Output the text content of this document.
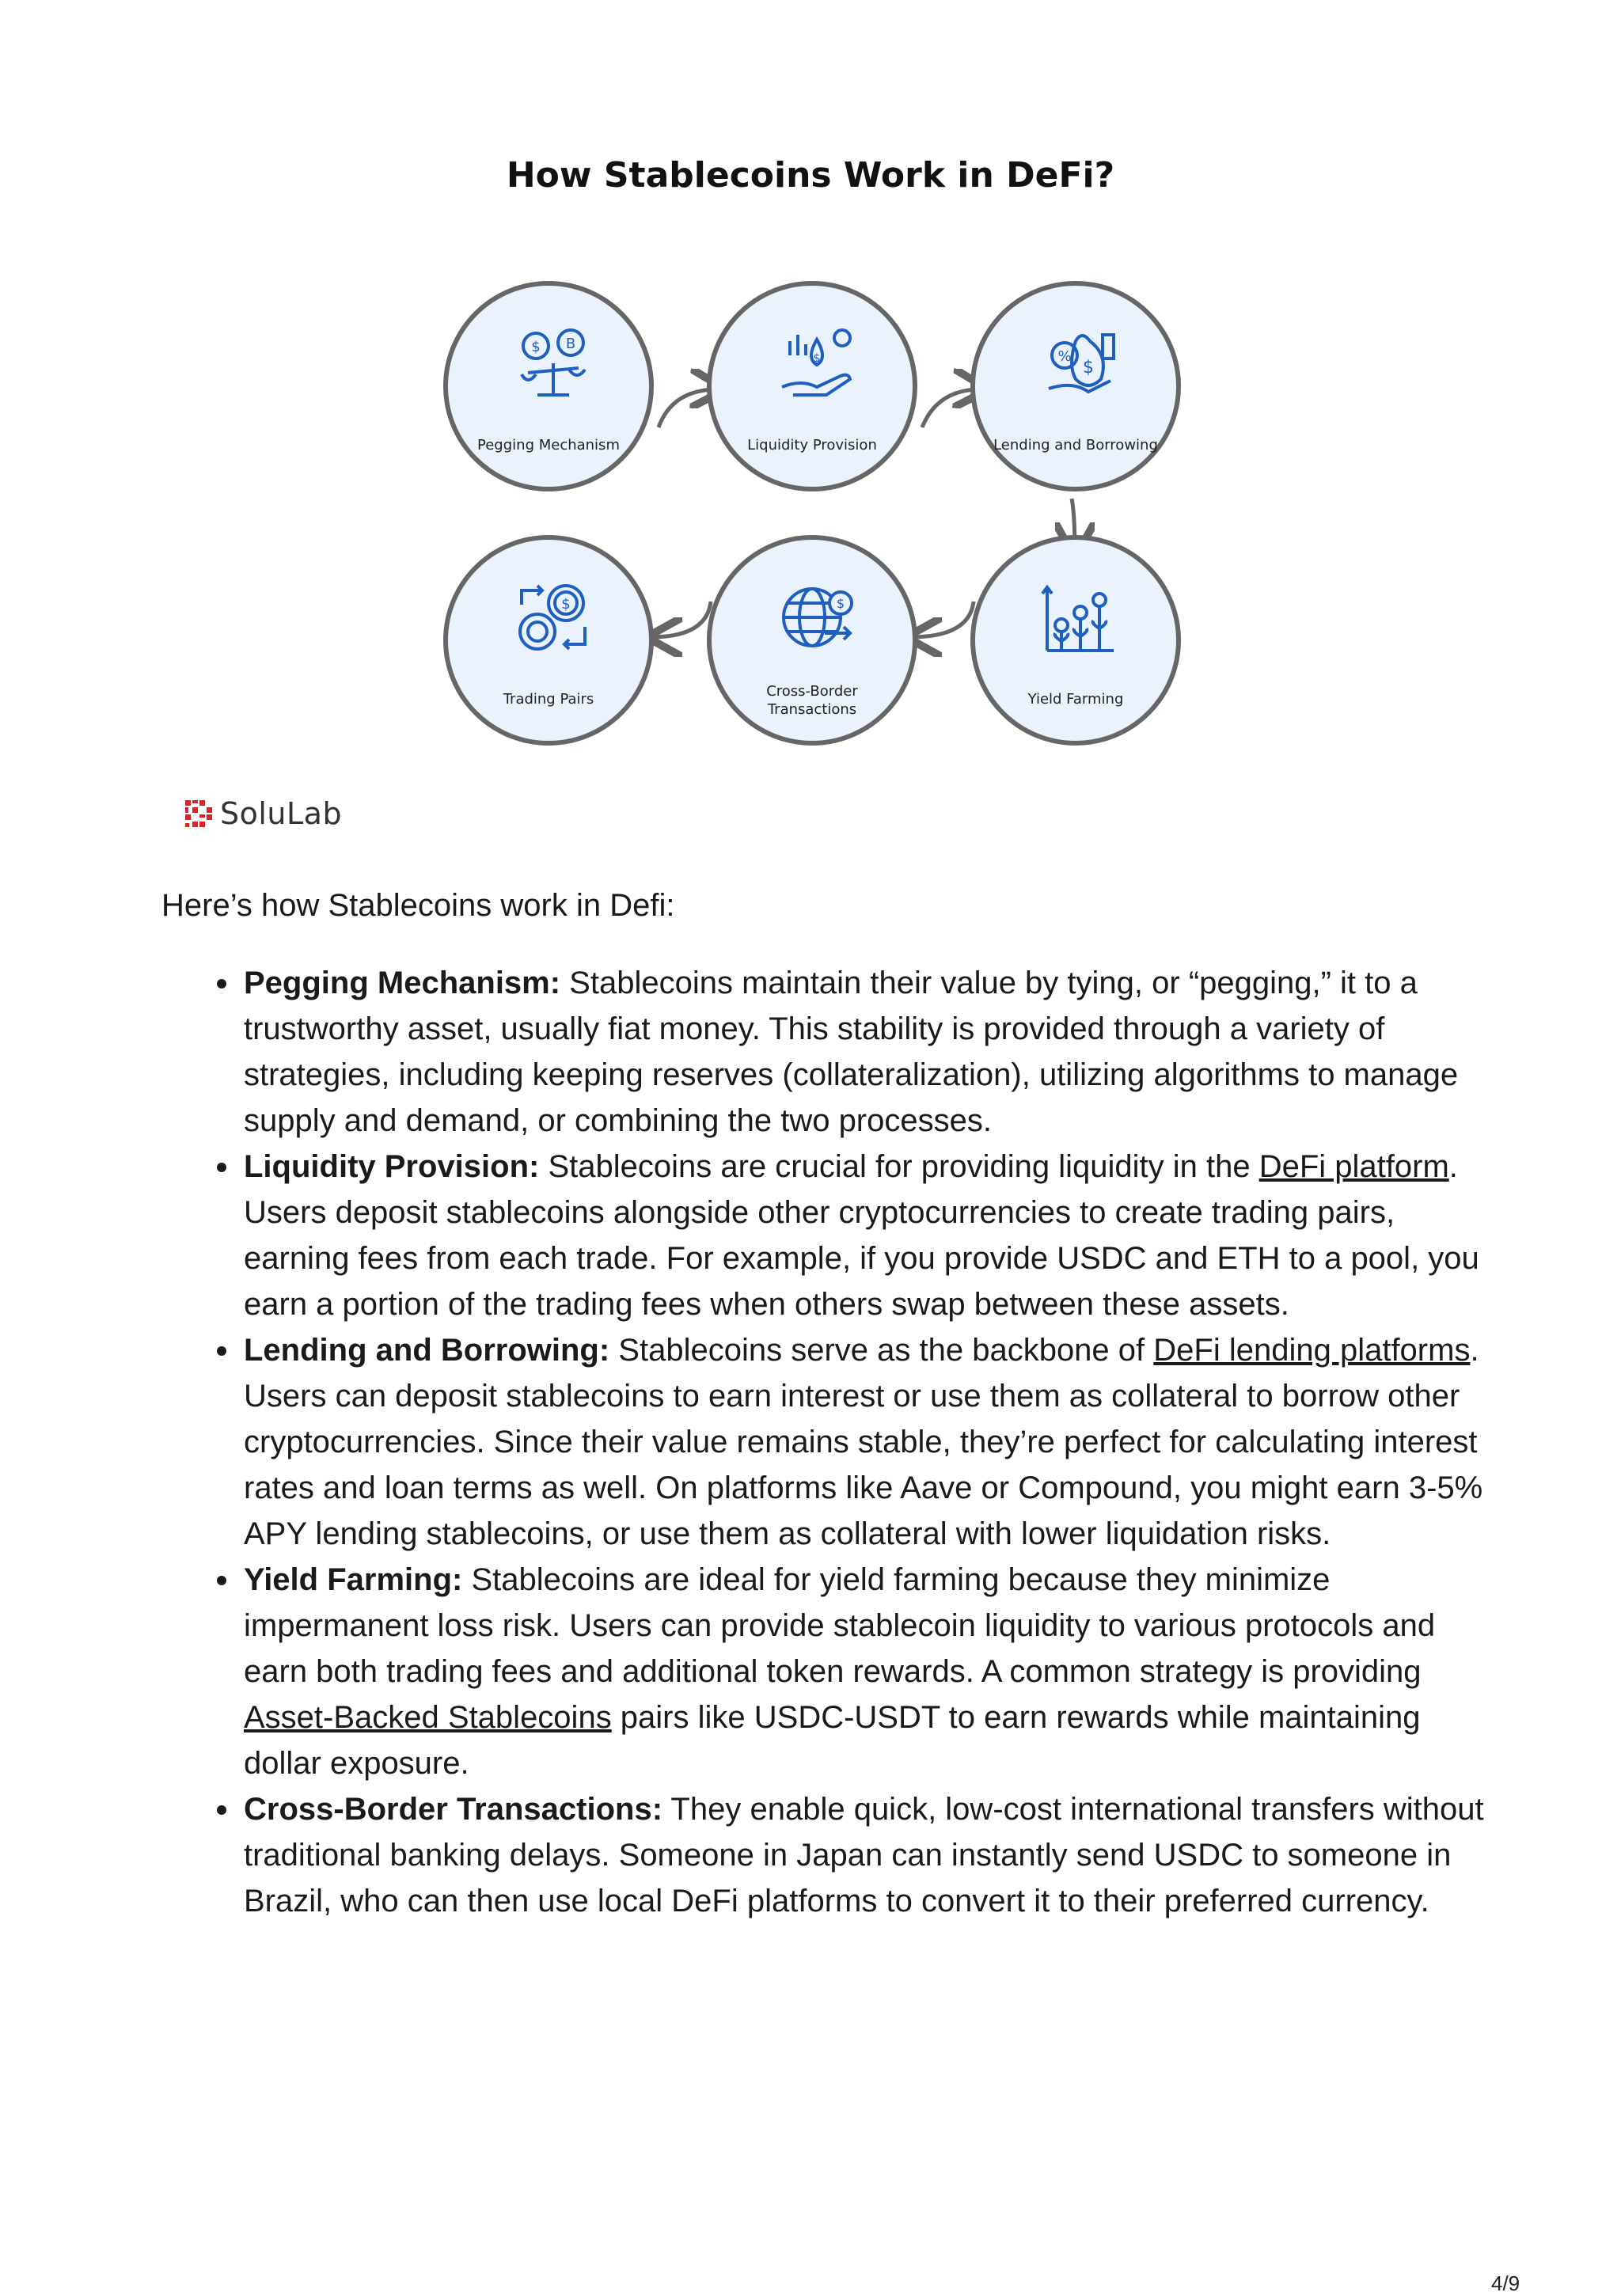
How Stablecoins Work in DeFi?
$ B
Pegging Mechanism
$
Liquidity Provision
%
$
Lending and Borrowing
Yield Farming
$
Cross-Border
Transactions
$
Trading Pairs
SoluLab
Here’s how Stablecoins work in Defi:
Pegging Mechanism: Stablecoins maintain their value by tying, or “pegging,” it to a trustworthy asset, usually fiat money. This stability is provided through a variety of strategies, including keeping reserves (collateralization), utilizing algorithms to manage supply and demand, or combining the two processes.
Liquidity Provision: Stablecoins are crucial for providing liquidity in the DeFi platform. Users deposit stablecoins alongside other cryptocurrencies to create trading pairs, earning fees from each trade. For example, if you provide USDC and ETH to a pool, you earn a portion of the trading fees when others swap between these assets.
Lending and Borrowing: Stablecoins serve as the backbone of DeFi lending platforms. Users can deposit stablecoins to earn interest or use them as collateral to borrow other cryptocurrencies. Since their value remains stable, they’re perfect for calculating interest rates and loan terms as well. On platforms like Aave or Compound, you might earn 3-5% APY lending stablecoins, or use them as collateral with lower liquidation risks.
Yield Farming: Stablecoins are ideal for yield farming because they minimize impermanent loss risk. Users can provide stablecoin liquidity to various protocols and earn both trading fees and additional token rewards. A common strategy is providing Asset-Backed Stablecoins pairs like USDC-USDT to earn rewards while maintaining dollar exposure.
Cross-Border Transactions: They enable quick, low-cost international transfers without traditional banking delays. Someone in Japan can instantly send USDC to someone in Brazil, who can then use local DeFi platforms to convert it to their preferred currency.
4/9
